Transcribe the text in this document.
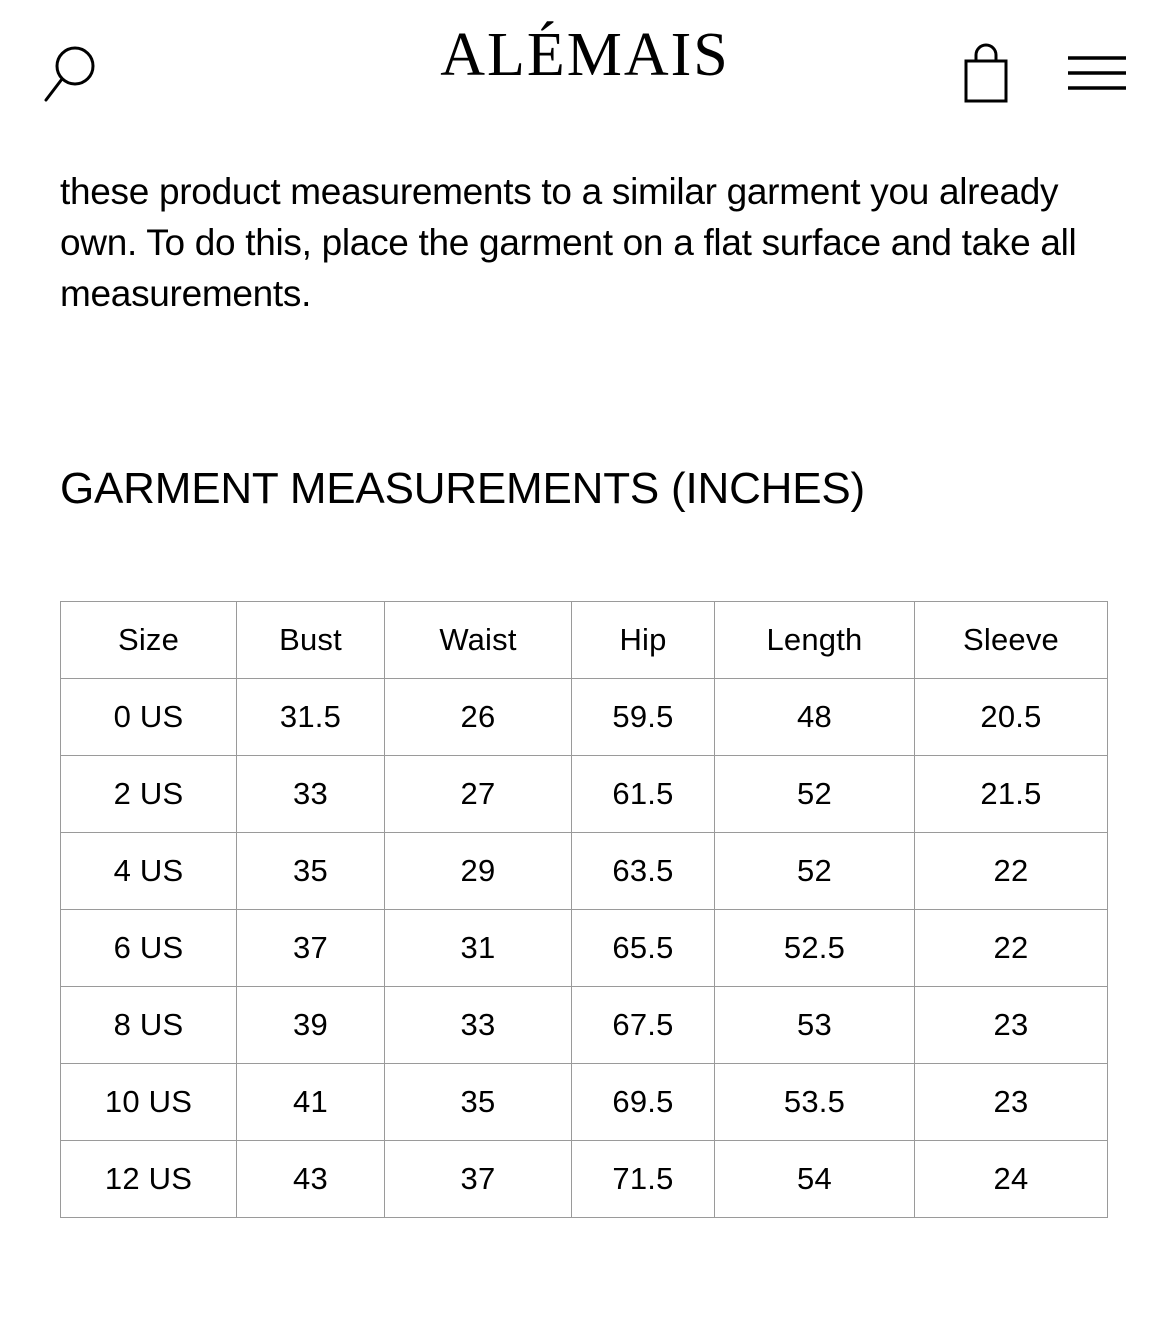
ALÉMAIS

these product measurements to a similar garment you already own. To do this, place the garment on a flat surface and take all measurements.

GARMENT MEASUREMENTS (INCHES)
Size	Bust	Waist	Hip	Length	Sleeve
0 US	31.5	26	59.5	48	20.5
2 US	33	27	61.5	52	21.5
4 US	35	29	63.5	52	22
6 US	37	31	65.5	52.5	22
8 US	39	33	67.5	53	23
10 US	41	35	69.5	53.5	23
12 US	43	37	71.5	54	24
